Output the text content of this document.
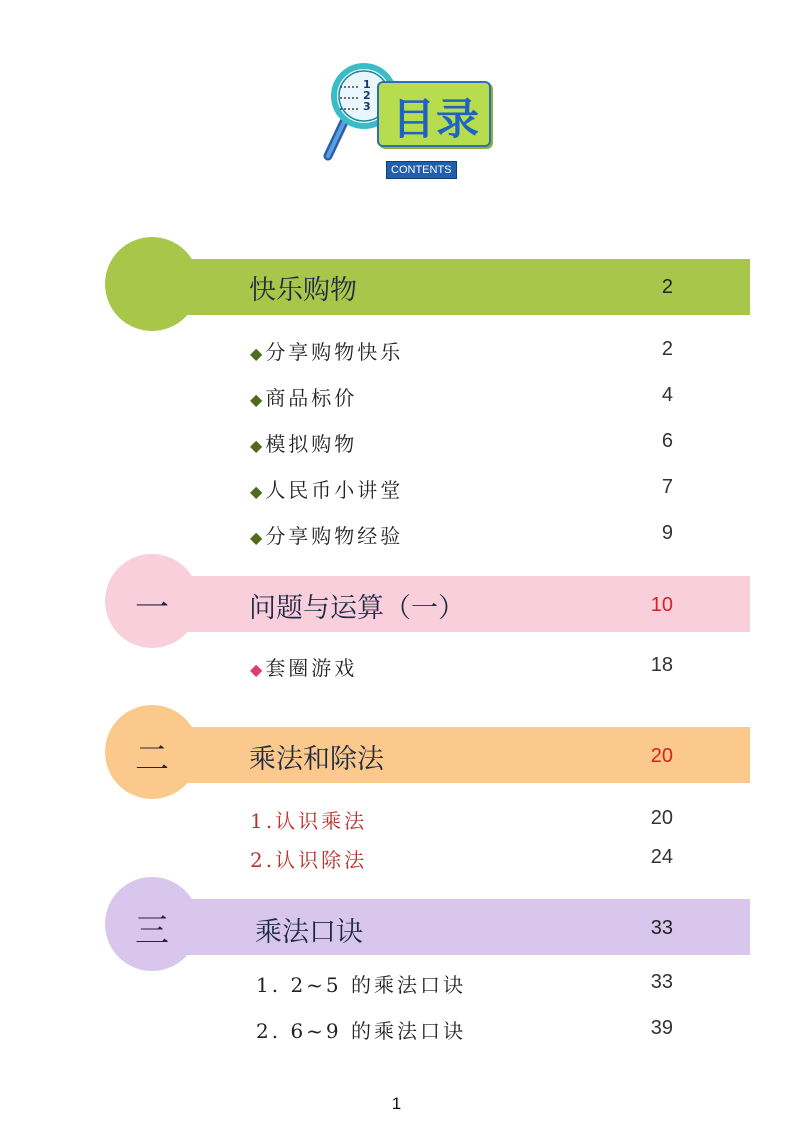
1
2
3 目录
CONTENTS
快乐购物	2
◆ 分享购物快乐	2
◆ 商品标价	4
◆ 模拟购物	6
◆ 人民币小讲堂	7
◆ 分享购物经验	9
一	问题与运算（一）	10
◆ 套圈游戏	18
二	乘法和除法	20
1.认识乘法	20
2.认识除法	24
三	乘法口诀	33
1. 2~5 的乘法口诀	33
2. 6~9 的乘法口诀	39
1
